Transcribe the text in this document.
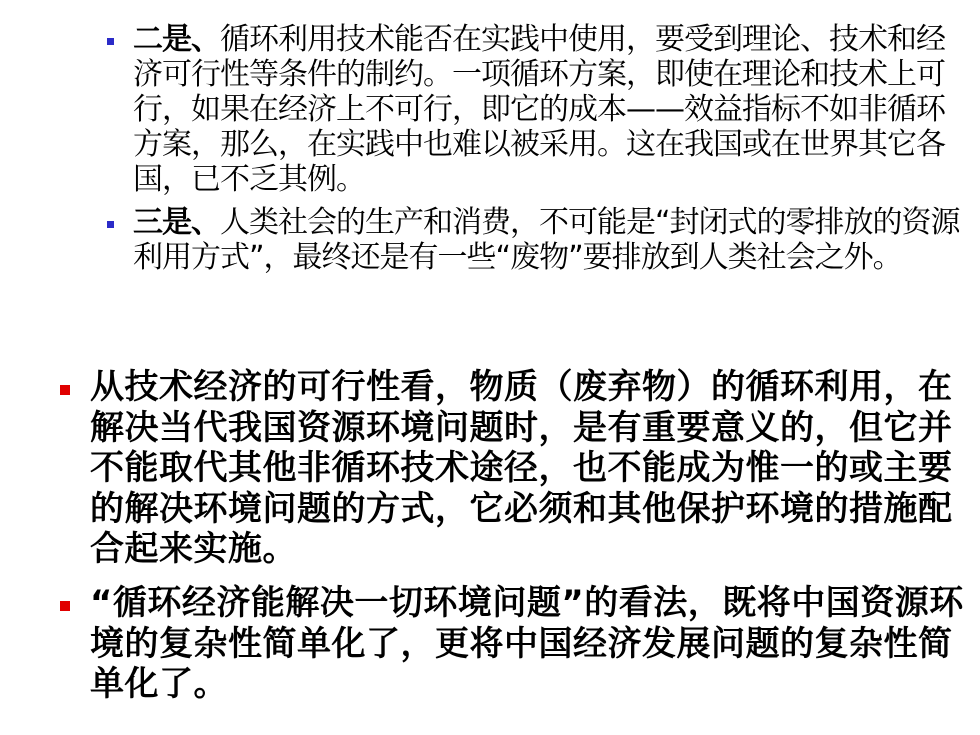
二是、循环利用技术能否在实践中使用，要受到理论、技术和经济可行性等条件的制约。一项循环方案，即使在理论和技术上可行，如果在经济上不可行，即它的成本——效益指标不如非循环方案，那么，在实践中也难以被采用。这在我国或在世界其它各国，已不乏其例。
三是、人类社会的生产和消费，不可能是“封闭式的零排放的资源利用方式”，最终还是有一些“废物”要排放到人类社会之外。
从技术经济的可行性看，物质（废弃物）的循环利用，在解决当代我国资源环境问题时，是有重要意义的，但它并不能取代其他非循环技术途径，也不能成为惟一的或主要的解决环境问题的方式，它必须和其他保护环境的措施配合起来实施。
“循环经济能解决一切环境问题”的看法，既将中国资源环境的复杂性简单化了，更将中国经济发展问题的复杂性简单化了。
